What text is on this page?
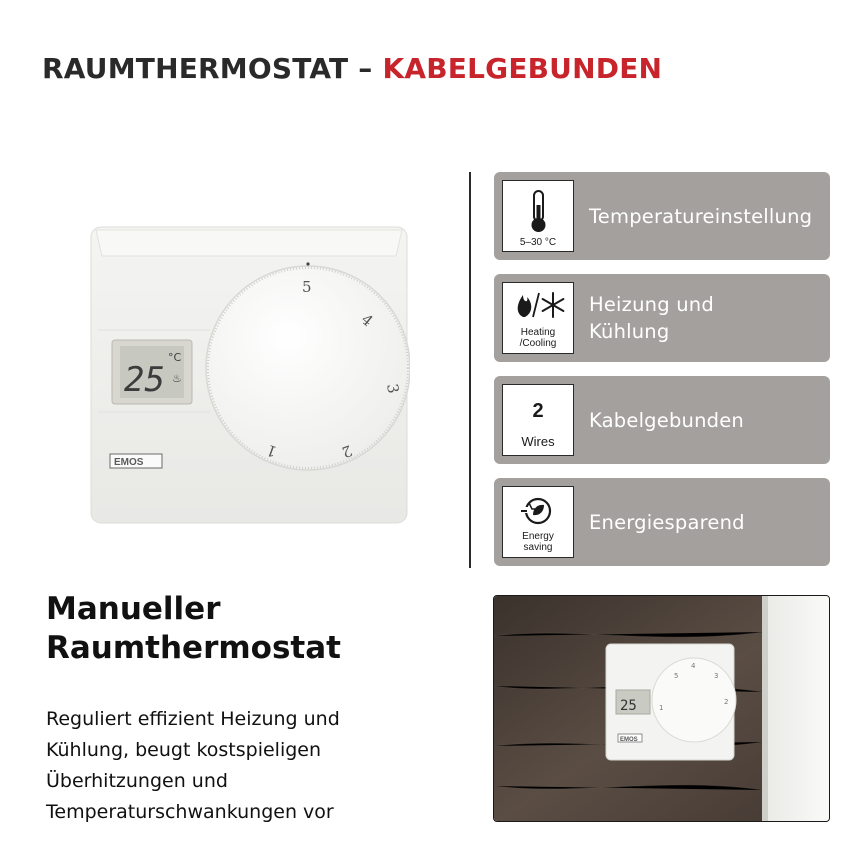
RAUMTHERMOSTAT – KABELGEBUNDEN
25
°C
♨
EMOS
5
4
3
2
1
5–30 °C
Temperatureinstellung
Heating
/Cooling
Heizung und
Kühlung
2
Wires
Kabelgebunden
Energy
saving
Energiesparend
Manueller
Raumthermostat
Reguliert effizient Heizung und
Kühlung, beugt kostspieligen
Überhitzungen und
Temperaturschwankungen vor
25
EMOS
5
4
3
2
1
